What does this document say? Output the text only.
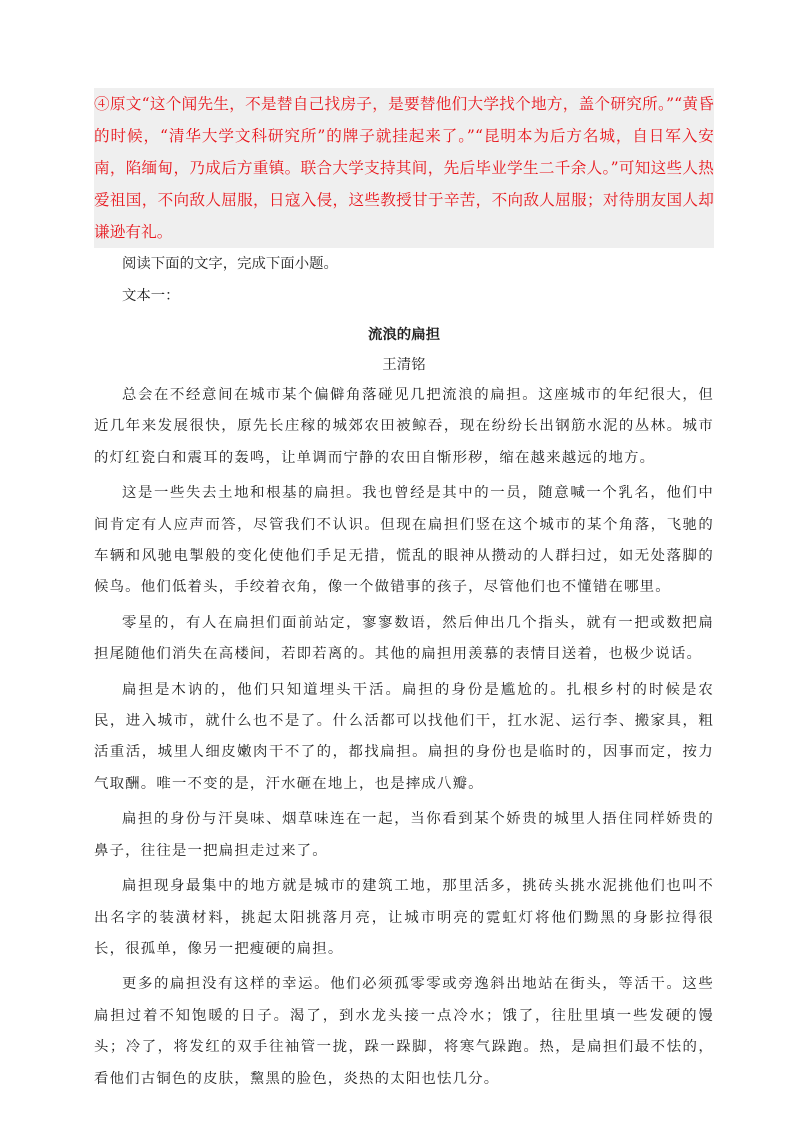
④原文“这个闻先生，不是替自己找房子，是要替他们大学找个地方，盖个研究所。”“黄昏的时候，“清华大学文科研究所”的牌子就挂起来了。”“昆明本为后方名城，自日军入安南，陷缅甸，乃成后方重镇。联合大学支持其间，先后毕业学生二千余人。”可知这些人热爱祖国，不向敌人屈服，日寇入侵，这些教授甘于辛苦，不向敌人屈服；对待朋友国人却谦逊有礼。

阅读下面的文字，完成下面小题。

文本一：

流浪的扁担

王清铭

总会在不经意间在城市某个偏僻角落碰见几把流浪的扁担。这座城市的年纪很大，但近几年来发展很快，原先长庄稼的城郊农田被鲸吞，现在纷纷长出钢筋水泥的丛林。城市的灯红瓷白和震耳的轰鸣，让单调而宁静的农田自惭形秽，缩在越来越远的地方。

这是一些失去土地和根基的扁担。我也曾经是其中的一员，随意喊一个乳名，他们中间肯定有人应声而答，尽管我们不认识。但现在扁担们竖在这个城市的某个角落，飞驰的车辆和风驰电掣般的变化使他们手足无措，慌乱的眼神从攒动的人群扫过，如无处落脚的候鸟。他们低着头，手绞着衣角，像一个做错事的孩子，尽管他们也不懂错在哪里。

零星的，有人在扁担们面前站定，寥寥数语，然后伸出几个指头，就有一把或数把扁担尾随他们消失在高楼间，若即若离的。其他的扁担用羡慕的表情目送着，也极少说话。

扁担是木讷的，他们只知道埋头干活。扁担的身份是尴尬的。扎根乡村的时候是农民，进入城市，就什么也不是了。什么活都可以找他们干，扛水泥、运行李、搬家具，粗活重活，城里人细皮嫩肉干不了的，都找扁担。扁担的身份也是临时的，因事而定，按力气取酬。唯一不变的是，汗水砸在地上，也是摔成八瓣。

扁担的身份与汗臭味、烟草味连在一起，当你看到某个娇贵的城里人捂住同样娇贵的鼻子，往往是一把扁担走过来了。

扁担现身最集中的地方就是城市的建筑工地，那里活多，挑砖头挑水泥挑他们也叫不出名字的装潢材料，挑起太阳挑落月亮，让城市明亮的霓虹灯将他们黝黑的身影拉得很长，很孤单，像另一把瘦硬的扁担。

更多的扁担没有这样的幸运。他们必须孤零零或旁逸斜出地站在街头，等活干。这些扁担过着不知饱暖的日子。渴了，到水龙头接一点冷水；饿了，往肚里填一些发硬的馒头；冷了，将发红的双手往袖管一拢，跺一跺脚，将寒气跺跑。热，是扁担们最不怯的，看他们古铜色的皮肤，黧黑的脸色，炎热的太阳也怯几分。
